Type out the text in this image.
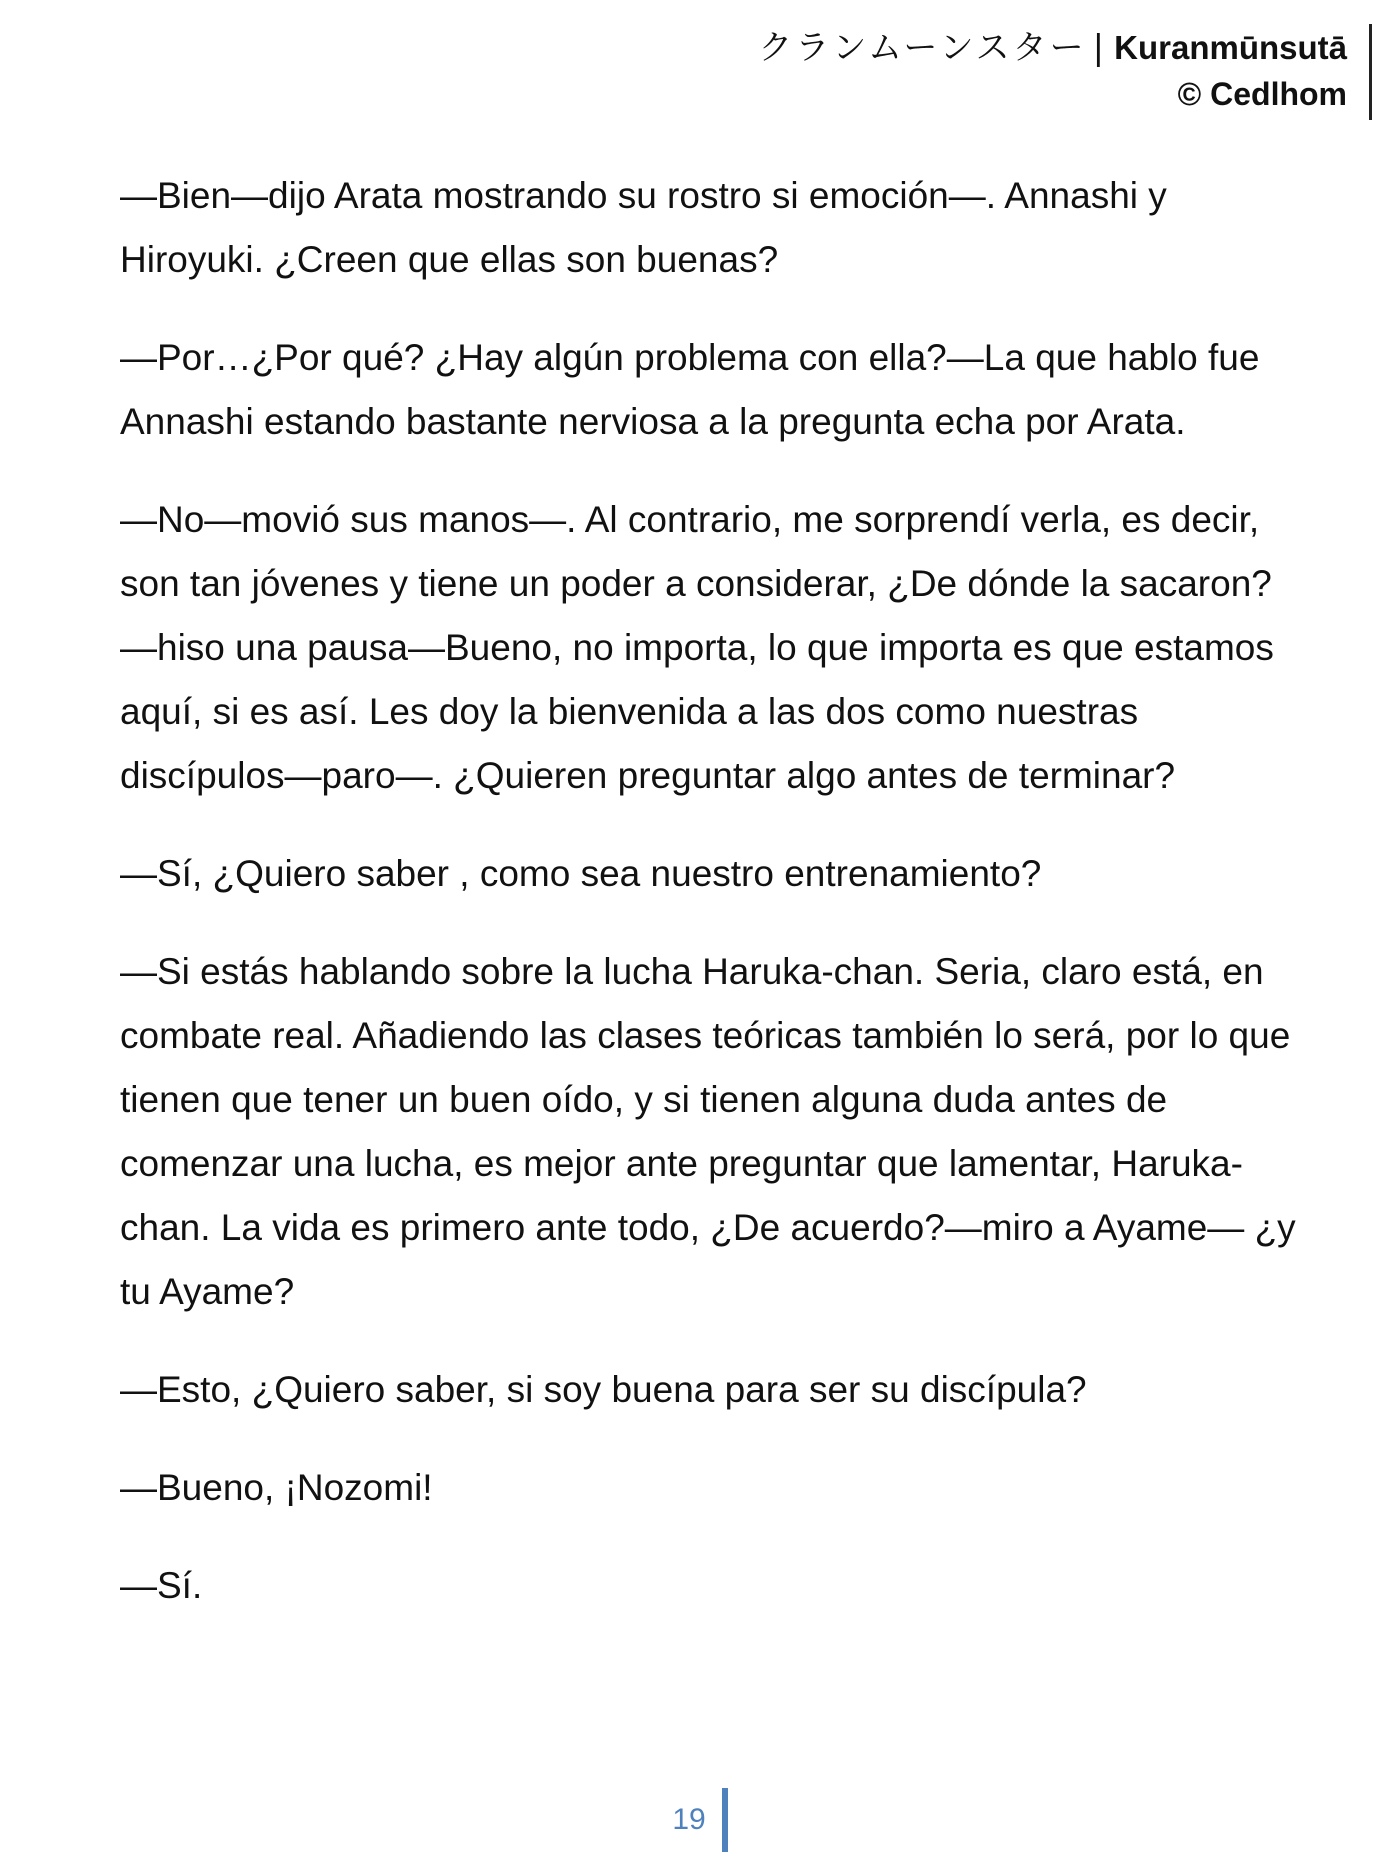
クランムーンスター | Kuranmūnsutā
© Cedlhom

—Bien—dijo Arata mostrando su rostro si emoción—. Annashi y Hiroyuki. ¿Creen que ellas son buenas?

—Por…¿Por qué? ¿Hay algún problema con ella?—La que hablo fue Annashi estando bastante nerviosa a la pregunta echa por Arata.

—No—movió sus manos—. Al contrario, me sorprendí verla, es decir, son tan jóvenes y tiene un poder a considerar, ¿De dónde la sacaron?—hiso una pausa—Bueno, no importa, lo que importa es que estamos aquí, si es así. Les doy la bienvenida a las dos como nuestras discípulos—paro—. ¿Quieren preguntar algo antes de terminar?

—Sí, ¿Quiero saber , como sea nuestro entrenamiento?

—Si estás hablando sobre la lucha Haruka-chan. Seria, claro está, en combate real. Añadiendo las clases teóricas también lo será, por lo que tienen que tener un buen oído, y si tienen alguna duda antes de comenzar una lucha, es mejor ante preguntar que lamentar, Haruka-chan. La vida es primero ante todo, ¿De acuerdo?—miro a Ayame— ¿y tu Ayame?

—Esto, ¿Quiero saber, si soy buena para ser su discípula?

—Bueno, ¡Nozomi!

—Sí.

19
